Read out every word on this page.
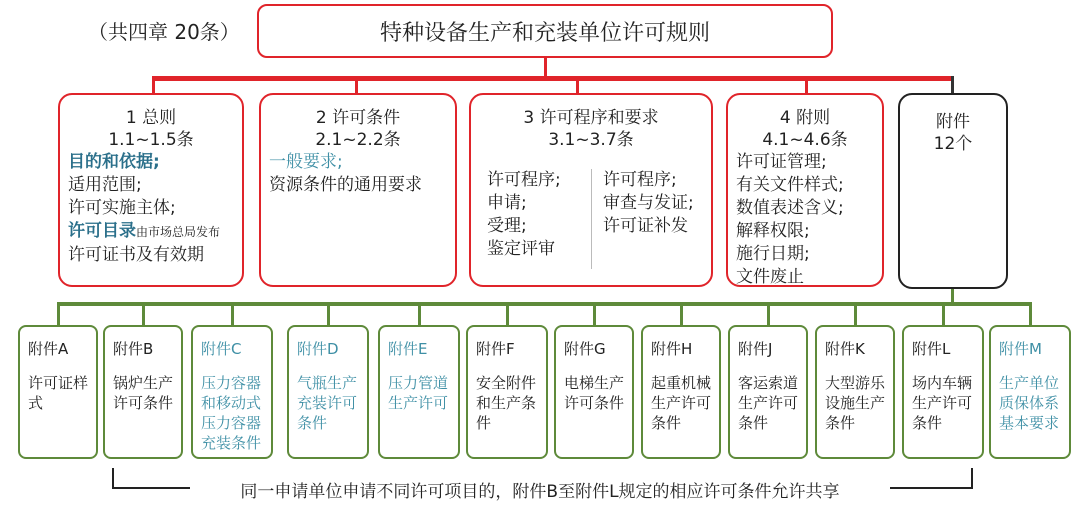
（共四章 20条）	特种设备生产和充装单位许可规则
1 总则
1.1~1.5条
目的和依据;
适用范围;
许可实施主体;
许可目录由市场总局发布
许可证书及有效期
2 许可条件
2.1~2.2条
一般要求;
资源条件的通用要求
3 许可程序和要求
3.1~3.7条
许可程序;
申请;
受理;
鉴定评审
许可程序;
审查与发证;
许可证补发
4 附则
4.1~4.6条
许可证管理;
有关文件样式;
数值表述含义;
解释权限;
施行日期;
文件废止
附件
12个
附件A
许可证样式
附件B
锅炉生产许可条件
附件C
压力容器和移动式压力容器充装条件
附件D
气瓶生产充装许可条件
附件E
压力管道生产许可
附件F
安全附件和生产条件
附件G
电梯生产许可条件
附件H
起重机械生产许可条件
附件J
客运索道生产许可条件
附件K
大型游乐设施生产条件
附件L
场内车辆生产许可条件
附件M
生产单位质保体系基本要求
同一申请单位申请不同许可项目的，附件B至附件L规定的相应许可条件允许共享
